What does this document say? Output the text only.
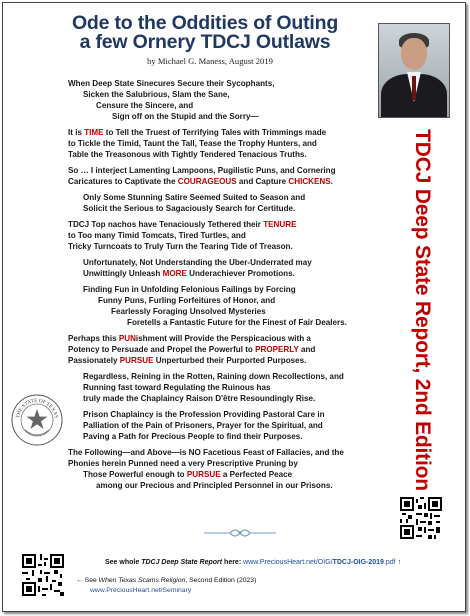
Ode to the Oddities of Outing
a few Ornery TDCJ Outlaws
by Michael G. Maness, August 2019
TDCJ Deep State Report, 2nd Edition
When Deep State Sinecures Secure their Sycophants,
Sicken the Salubrious, Slam the Sane,
Censure the Sincere, and
Sign off on the Stupid and the Sorry—
It is TIME to Tell the Truest of Terrifying Tales with Trimmings made
to Tickle the Timid, Taunt the Tall, Tease the Trophy Hunters, and
Table the Treasonous with Tightly Tendered Tenacious Truths.
So … I interject Lamenting Lampoons, Pugilistic Puns, and Cornering
Caricatures to Captivate the COURAGEOUS and Capture CHICKENS.
Only Some Stunning Satire Seemed Suited to Season and
Solicit the Serious to Sagaciously Search for Certitude.
TDCJ Top nachos have Tenaciously Tethered their TENURE
to Too many Timid Tomcats, Tired Turtles, and
Tricky Turncoats to Truly Turn the Tearing Tide of Treason.
Unfortunately, Not Understanding the Uber-Underrated may
Unwittingly Unleash MORE Underachiever Promotions.
Finding Fun in Unfolding Felonious Failings by Forcing
Funny Puns, Furling Forfeitures of Honor, and
Fearlessly Foraging Unsolved Mysteries
Foretells a Fantastic Future for the Finest of Fair Dealers.
Perhaps this PUNishment will Provide the Perspicacious with a
Potency to Persuade and Propel the Powerful to PROPERLY and
Passionately PURSUE Unperturbed their Purported Purposes.
Regardless, Reining in the Rotten, Raining down Recollections, and
Running fast toward Regulating the Ruinous has
truly made the Chaplaincy Raison D'être Resoundingly Rise.
Prison Chaplaincy is the Profession Providing Pastoral Care in
Palliation of the Pain of Prisoners, Prayer for the Spiritual, and
Paving a Path for Precious People to find their Purposes.
The Following—and Above—is NO Facetious Feast of Fallacies, and the
Phonies herein Punned need a very Prescriptive Pruning by
Those Powerful enough to PURSUE a Perfected Peace
among our Precious and Principled Personnel in our Prisons.
THE STATE OF TEXAS
See whole TDCJ Deep State Report here: www.PreciousHeart.net/OIG/TDCJ-OIG-2019.pdf ↑
← See When Texas Scams Religion, Second Edition (2023)
www.PreciousHeart.net/Seminary
